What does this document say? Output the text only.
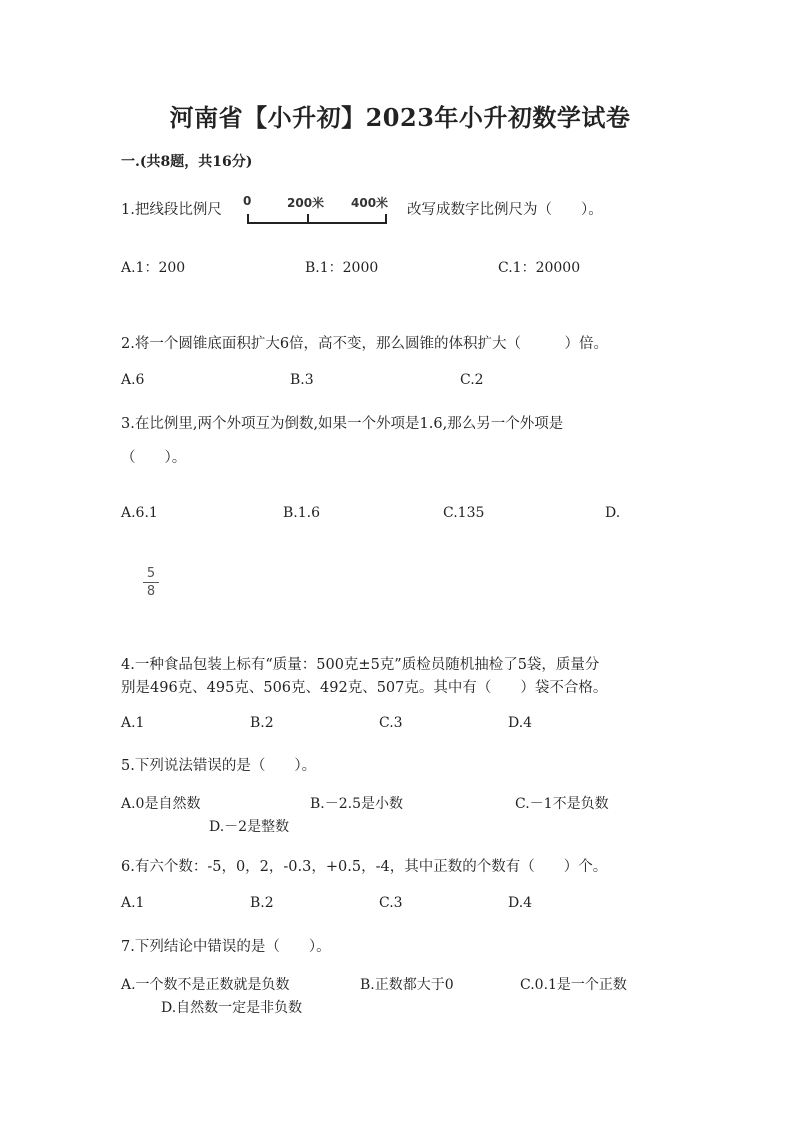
河南省【小升初】2023年小升初数学试卷
一.(共8题，共16分)
1.把线段比例尺
0	200米 400米 改写成数字比例尺为（　　）。
A.1：200	B.1：2000	C.1：20000
2.将一个圆锥底面积扩大6倍，高不变，那么圆锥的体积扩大（　　　）倍。
A.6	B.3	C.2
3.在比例里,两个外项互为倒数,如果一个外项是1.6,那么另一个外项是
（　　）。
A.6.1	B.1.6	C.135	D.
5
8
4.一种食品包装上标有“质量：500克±5克”质检员随机抽检了5袋，质量分
别是496克、495克、506克、492克、507克。其中有（　　）袋不合格。
A.1	B.2	C.3	D.4
5.下列说法错误的是（　　）。
A.0是自然数	B.－2.5是小数	C.－1不是负数
D.－2是整数
6.有六个数：-5，0，2，-0.3，+0.5，-4，其中正数的个数有（　　）个。
A.1	B.2	C.3	D.4
7.下列结论中错误的是（　　）。
A.一个数不是正数就是负数	B.正数都大于0	C.0.1是一个正数
D.自然数一定是非负数
